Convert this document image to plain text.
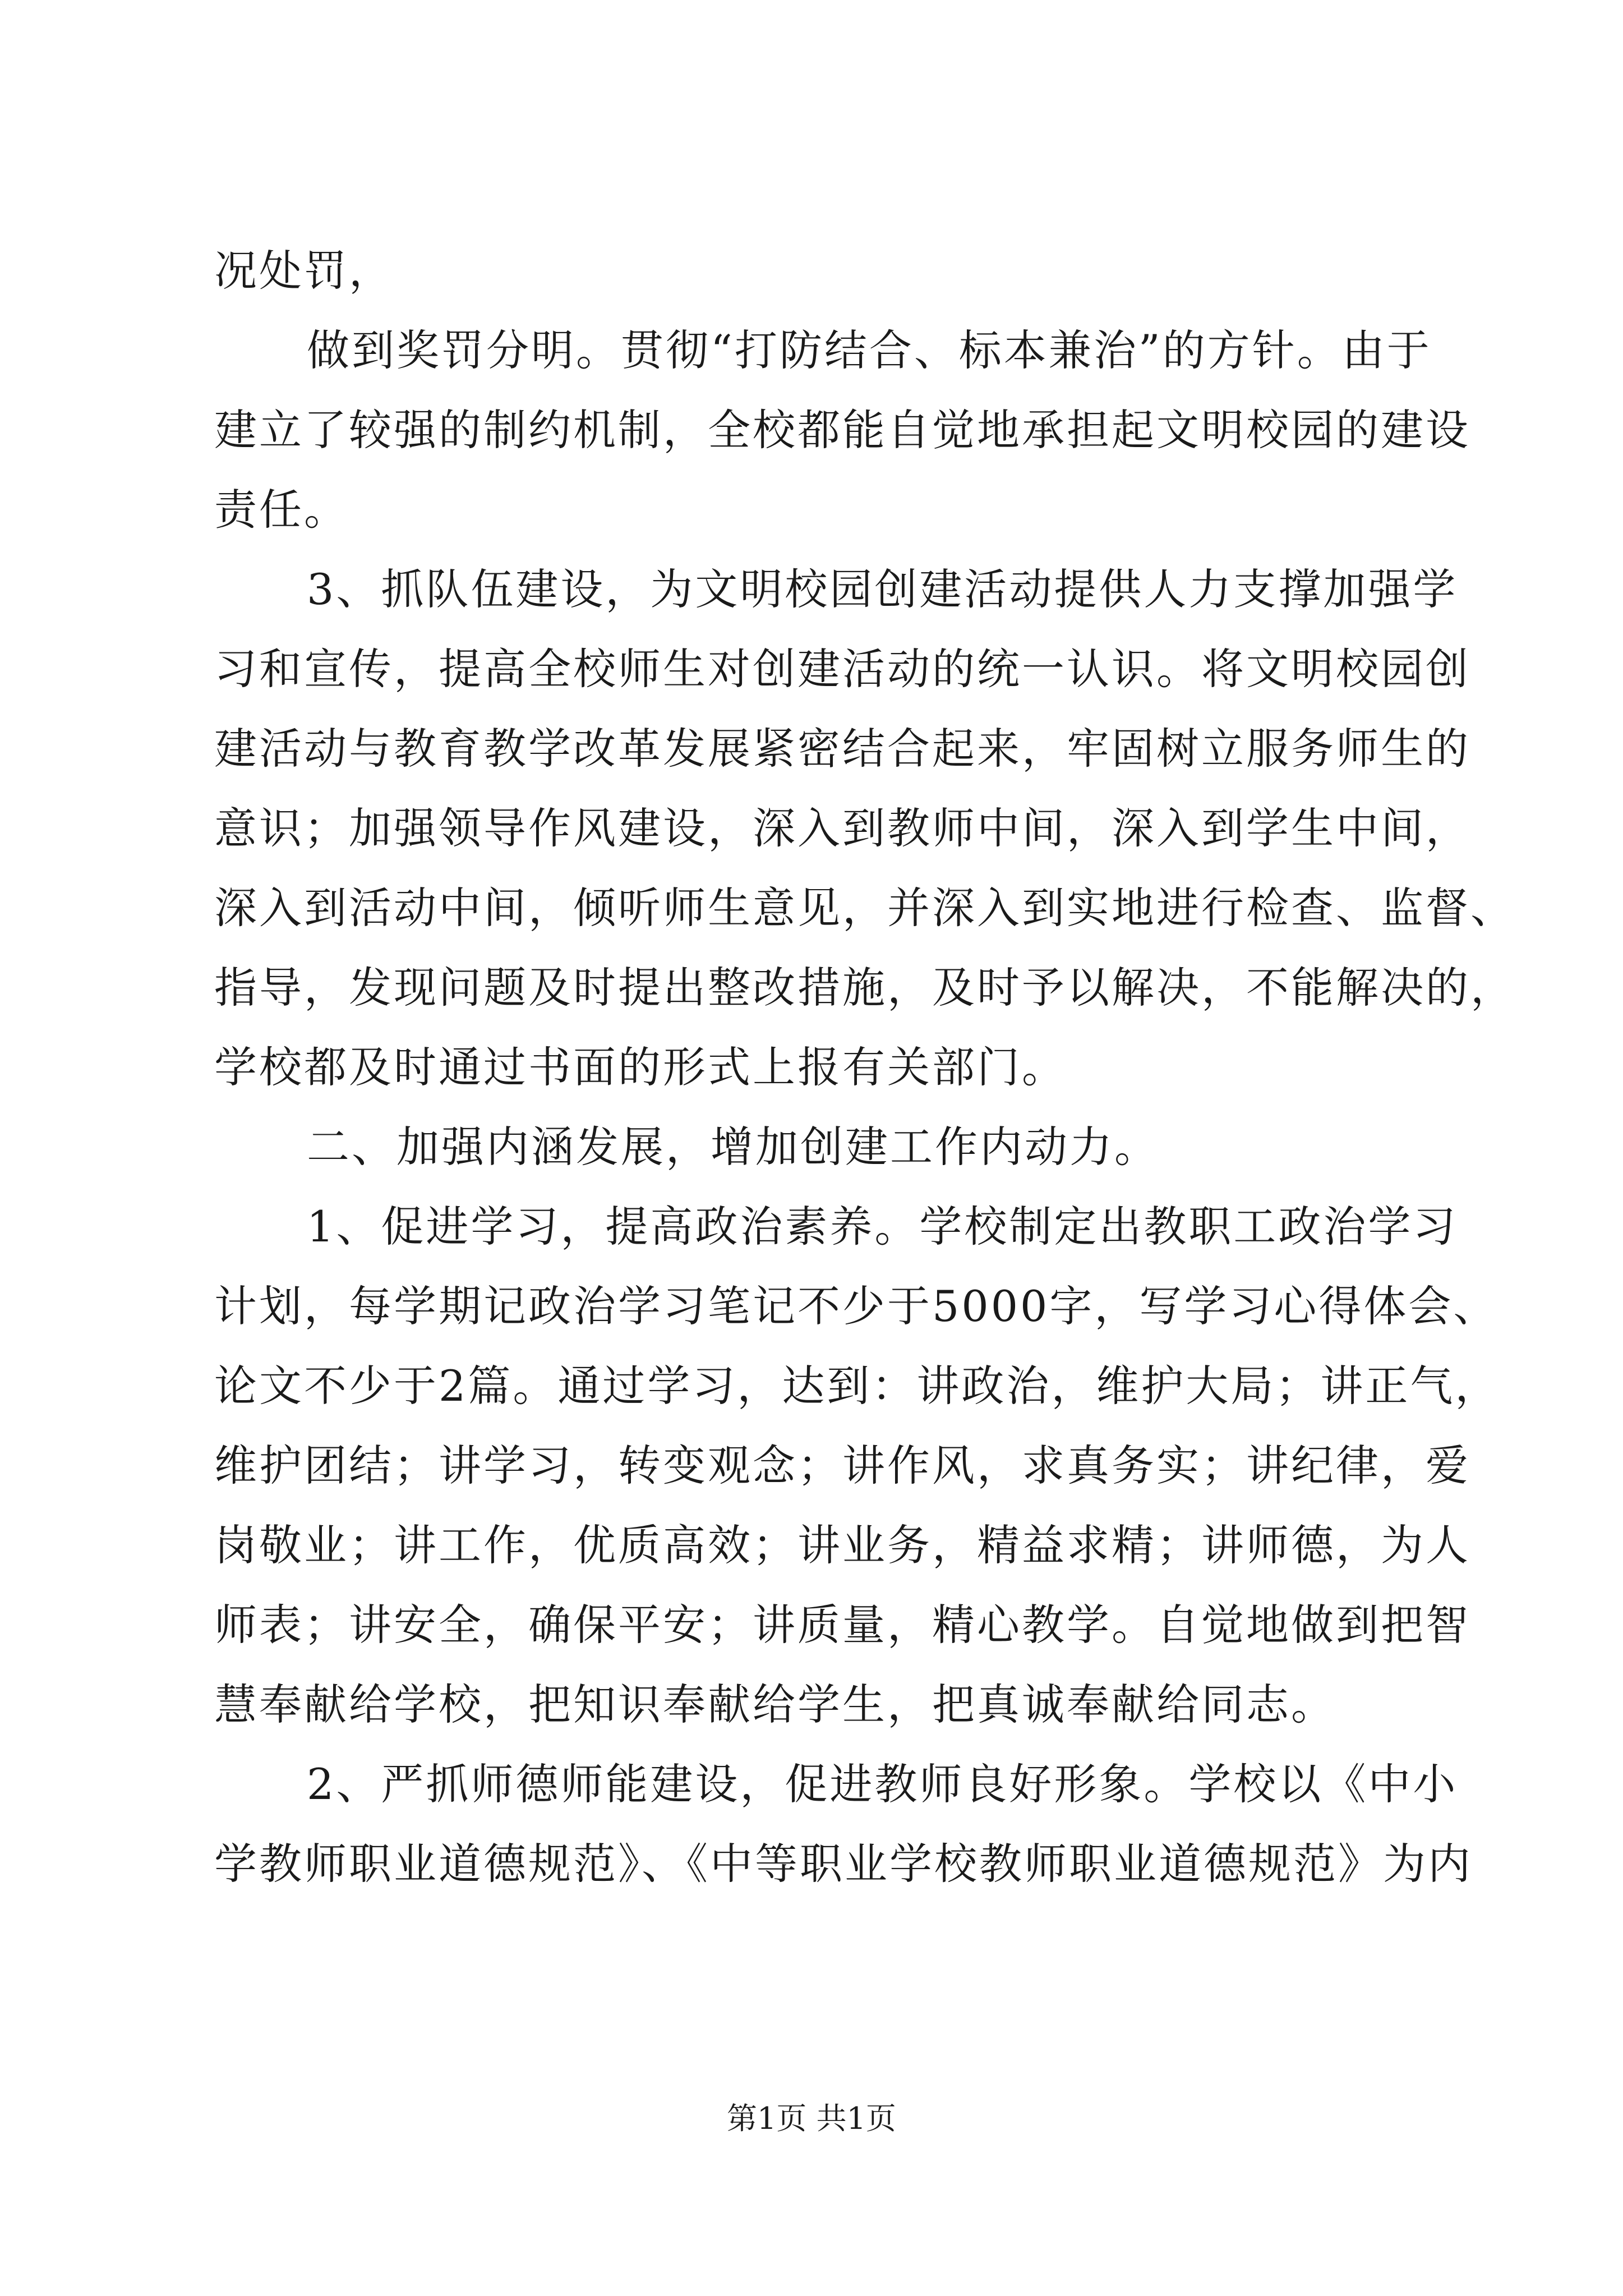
况处罚，

做到奖罚分明。贯彻“打防结合、标本兼治”的方针。由于

建立了较强的制约机制，全校都能自觉地承担起文明校园的建设

责任。

3、抓队伍建设，为文明校园创建活动提供人力支撑加强学

习和宣传，提高全校师生对创建活动的统一认识。将文明校园创

建活动与教育教学改革发展紧密结合起来，牢固树立服务师生的

意识；加强领导作风建设，深入到教师中间，深入到学生中间，

深入到活动中间，倾听师生意见，并深入到实地进行检查、监督、

指导，发现问题及时提出整改措施，及时予以解决，不能解决的，

学校都及时通过书面的形式上报有关部门。

二、加强内涵发展，增加创建工作内动力。

1、促进学习，提高政治素养。学校制定出教职工政治学习

计划，每学期记政治学习笔记不少于5000字，写学习心得体会、

论文不少于2篇。通过学习，达到：讲政治，维护大局；讲正气，

维护团结；讲学习，转变观念；讲作风，求真务实；讲纪律，爱

岗敬业；讲工作，优质高效；讲业务，精益求精；讲师德，为人

师表；讲安全，确保平安；讲质量，精心教学。自觉地做到把智

慧奉献给学校，把知识奉献给学生，把真诚奉献给同志。

2、严抓师德师能建设，促进教师良好形象。学校以《中小

学教师职业道德规范》、《中等职业学校教师职业道德规范》为内

第1页 共1页
